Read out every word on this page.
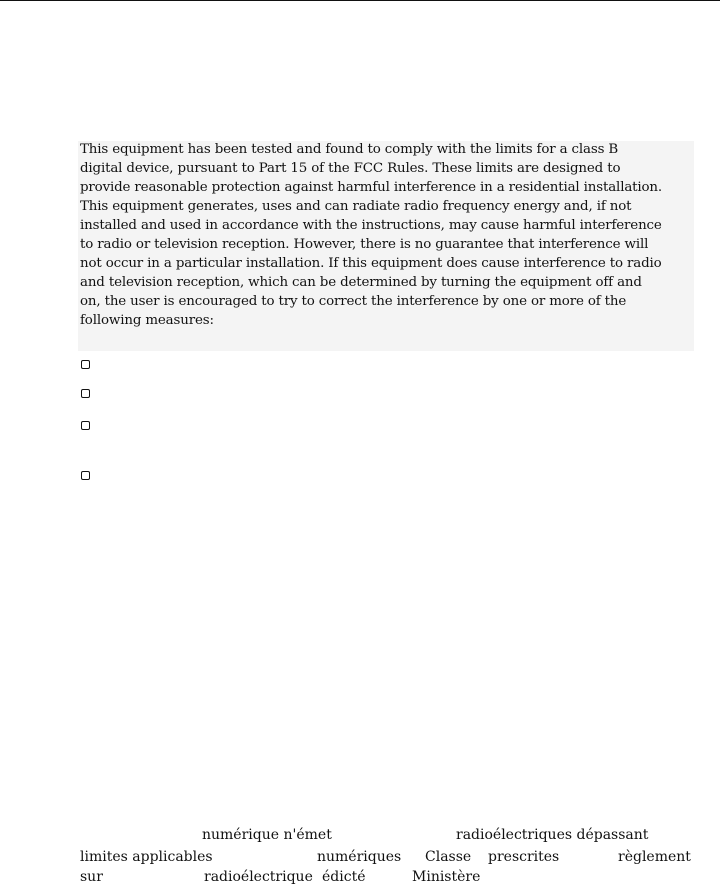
This equipment has been tested and found to comply with the limits for a class B
digital device, pursuant to Part 15 of the FCC Rules. These limits are designed to
provide reasonable protection against harmful interference in a residential installation.
This equipment generates, uses and can radiate radio frequency energy and, if not
installed and used in accordance with the instructions, may cause harmful interference
to radio or television reception. However, there is no guarantee that interference will
not occur in a particular installation. If this equipment does cause interference to radio
and television reception, which can be determined by turning the equipment off and
on, the user is encouraged to try to correct the interference by one or more of the
following measures:
numérique n'émet	radioélectriques dépassant
limites applicables	numériques Classe prescrites	règlement
sur	radioélectrique édicté	Ministère
